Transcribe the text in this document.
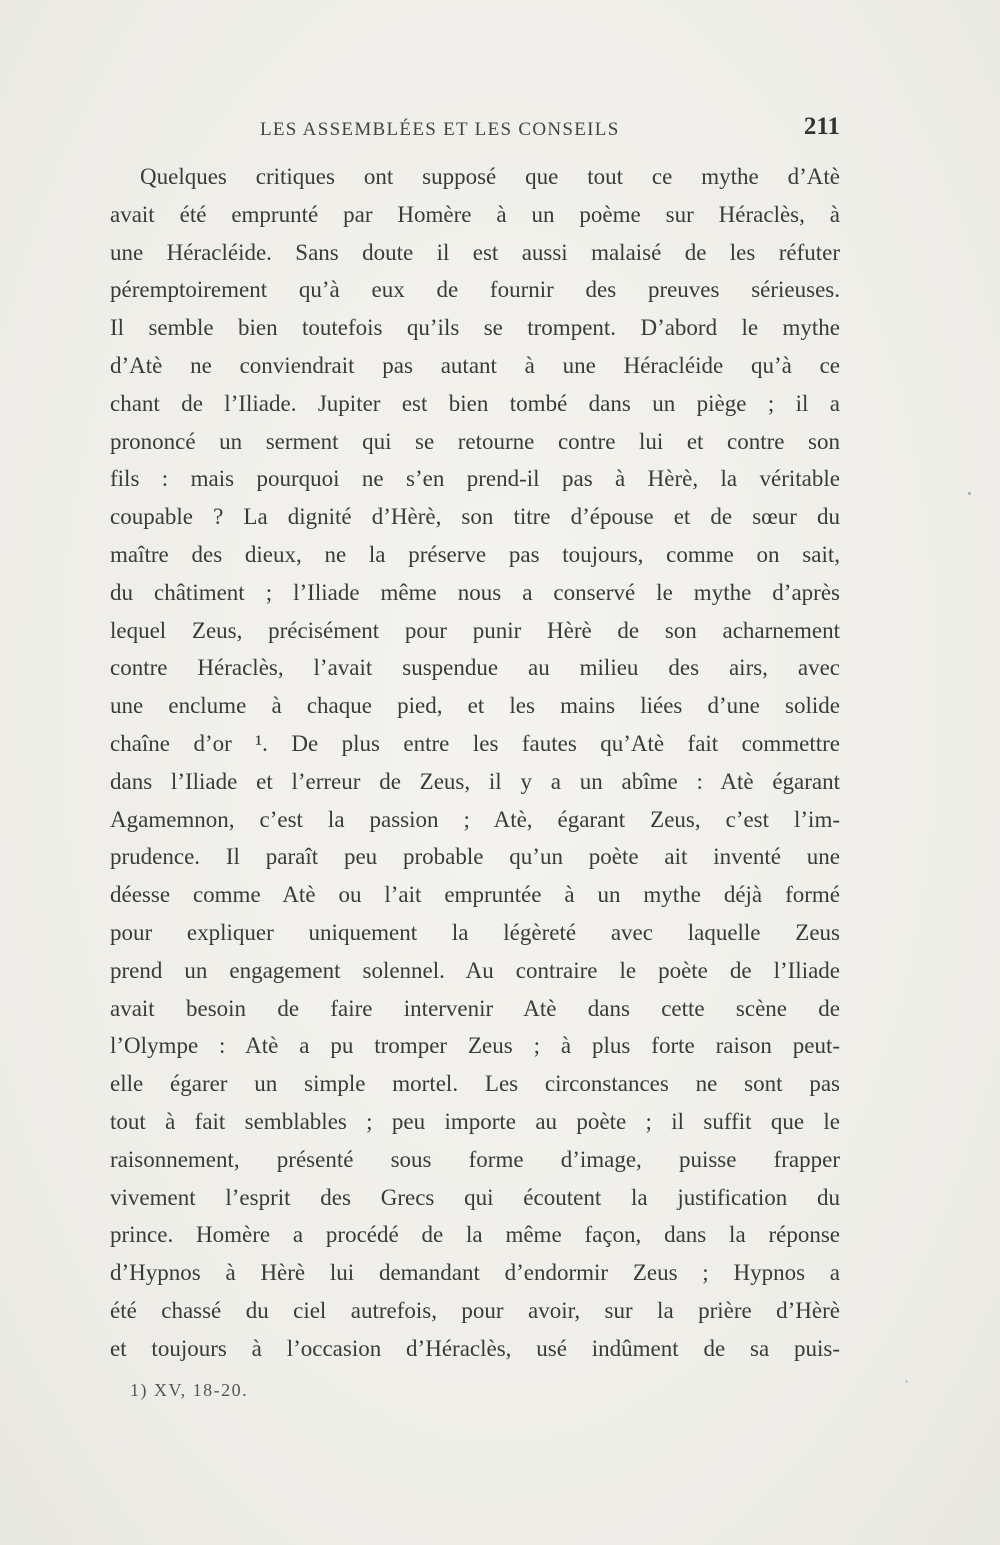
LES ASSEMBLÉES ET LES CONSEILS	211
Quelques critiques ont supposé que tout ce mythe d’Atè
avait été emprunté par Homère à un poème sur Héraclès, à
une Héracléide. Sans doute il est aussi malaisé de les réfuter
péremptoirement qu’à eux de fournir des preuves sérieuses.
Il semble bien toutefois qu’ils se trompent. D’abord le mythe
d’Atè ne conviendrait pas autant à une Héracléide qu’à ce
chant de l’Iliade. Jupiter est bien tombé dans un piège ; il a
prononcé un serment qui se retourne contre lui et contre son
fils : mais pourquoi ne s’en prend-il pas à Hèrè, la véritable
coupable ? La dignité d’Hèrè, son titre d’épouse et de sœur du
maître des dieux, ne la préserve pas toujours, comme on sait,
du châtiment ; l’Iliade même nous a conservé le mythe d’après
lequel Zeus, précisément pour punir Hèrè de son acharnement
contre Héraclès, l’avait suspendue au milieu des airs, avec
une enclume à chaque pied, et les mains liées d’une solide
chaîne d’or ¹. De plus entre les fautes qu’Atè fait commettre
dans l’Iliade et l’erreur de Zeus, il y a un abîme : Atè égarant
Agamemnon, c’est la passion ; Atè, égarant Zeus, c’est l’im-
prudence. Il paraît peu probable qu’un poète ait inventé une
déesse comme Atè ou l’ait empruntée à un mythe déjà formé
pour expliquer uniquement la légèreté avec laquelle Zeus
prend un engagement solennel. Au contraire le poète de l’Iliade
avait besoin de faire intervenir Atè dans cette scène de
l’Olympe : Atè a pu tromper Zeus ; à plus forte raison peut-
elle égarer un simple mortel. Les circonstances ne sont pas
tout à fait semblables ; peu importe au poète ; il suffit que le
raisonnement, présenté sous forme d’image, puisse frapper
vivement l’esprit des Grecs qui écoutent la justification du
prince. Homère a procédé de la même façon, dans la réponse
d’Hypnos à Hèrè lui demandant d’endormir Zeus ; Hypnos a
été chassé du ciel autrefois, pour avoir, sur la prière d’Hèrè
et toujours à l’occasion d’Héraclès, usé indûment de sa puis-
1) XV, 18-20.
